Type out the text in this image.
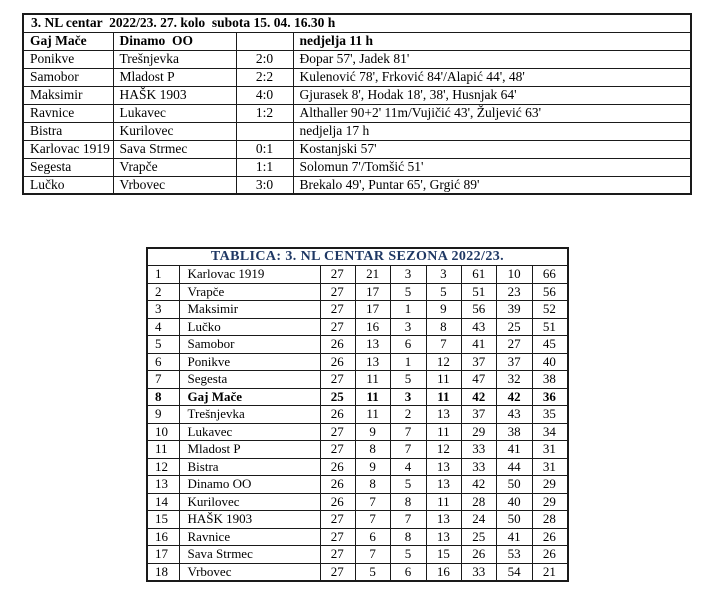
3. NL centar  2022/23. 27. kolo  subota 15. 04. 16.30 h			
Gaj Mače	Dinamo  OO		nedjelja 11 h
Ponikve	Trešnjevka	2:0	Đopar 57', Jadek 81'
Samobor	Mladost P	2:2	Kulenović 78', Frković 84'/Alapić 44', 48'
Maksimir	HAŠK 1903	4:0	Gjurasek 8', Hodak 18', 38', Husnjak 64'
Ravnice	Lukavec	1:2	Althaller 90+2' 11m/Vujičić 43', Žuljević 63'
Bistra	Kurilovec		nedjelja 17 h
Karlovac 1919	Sava Strmec	0:1	Kostanjski 57'
Segesta	Vrapče	1:1	Solomun 7'/Tomšić 51'
Lučko	Vrbovec	3:0	Brekalo 49', Puntar 65', Grgić 89'
TABLICA: 3. NL CENTAR SEZONA 2022/23.								
1	Karlovac 1919	27	21	3	3	61	10	66
2	Vrapče	27	17	5	5	51	23	56
3	Maksimir	27	17	1	9	56	39	52
4	Lučko	27	16	3	8	43	25	51
5	Samobor	26	13	6	7	41	27	45
6	Ponikve	26	13	1	12	37	37	40
7	Segesta	27	11	5	11	47	32	38
8	Gaj Mače	25	11	3	11	42	42	36
9	Trešnjevka	26	11	2	13	37	43	35
10	Lukavec	27	9	7	11	29	38	34
11	Mladost P	27	8	7	12	33	41	31
12	Bistra	26	9	4	13	33	44	31
13	Dinamo OO	26	8	5	13	42	50	29
14	Kurilovec	26	7	8	11	28	40	29
15	HAŠK 1903	27	7	7	13	24	50	28
16	Ravnice	27	6	8	13	25	41	26
17	Sava Strmec	27	7	5	15	26	53	26
18	Vrbovec	27	5	6	16	33	54	21
